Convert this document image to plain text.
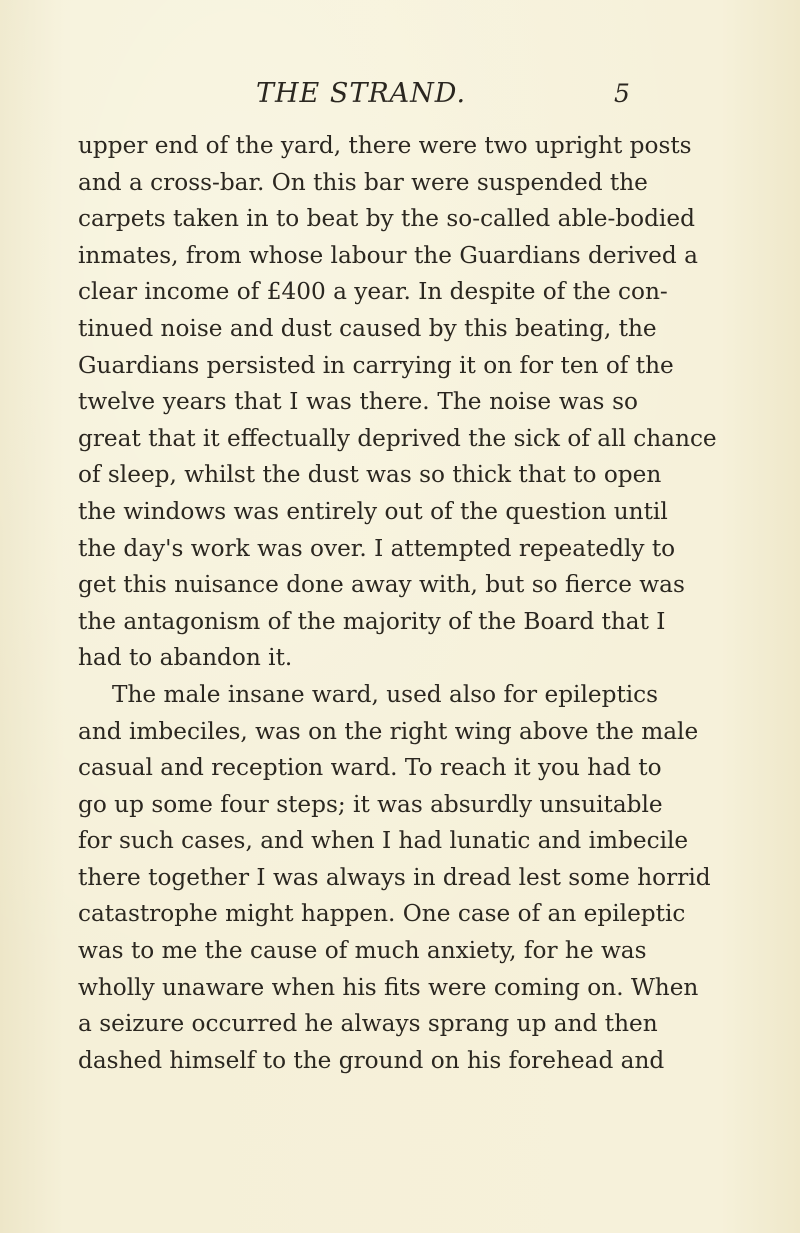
THE STRAND.	5
upper end of the yard, there were two upright posts
and a cross-bar. On this bar were suspended the
carpets taken in to beat by the so-called able-bodied
inmates, from whose labour the Guardians derived a
clear income of £400 a year. In despite of the con-
tinued noise and dust caused by this beating, the
Guardians persisted in carrying it on for ten of the
twelve years that I was there. The noise was so
great that it effectually deprived the sick of all chance
of sleep, whilst the dust was so thick that to open
the windows was entirely out of the question until
the day's work was over. I attempted repeatedly to
get this nuisance done away with, but so fierce was
the antagonism of the majority of the Board that I
had to abandon it.
The male insane ward, used also for epileptics
and imbeciles, was on the right wing above the male
casual and reception ward. To reach it you had to
go up some four steps; it was absurdly unsuitable
for such cases, and when I had lunatic and imbecile
there together I was always in dread lest some horrid
catastrophe might happen. One case of an epileptic
was to me the cause of much anxiety, for he was
wholly unaware when his fits were coming on. When
a seizure occurred he always sprang up and then
dashed himself to the ground on his forehead and
